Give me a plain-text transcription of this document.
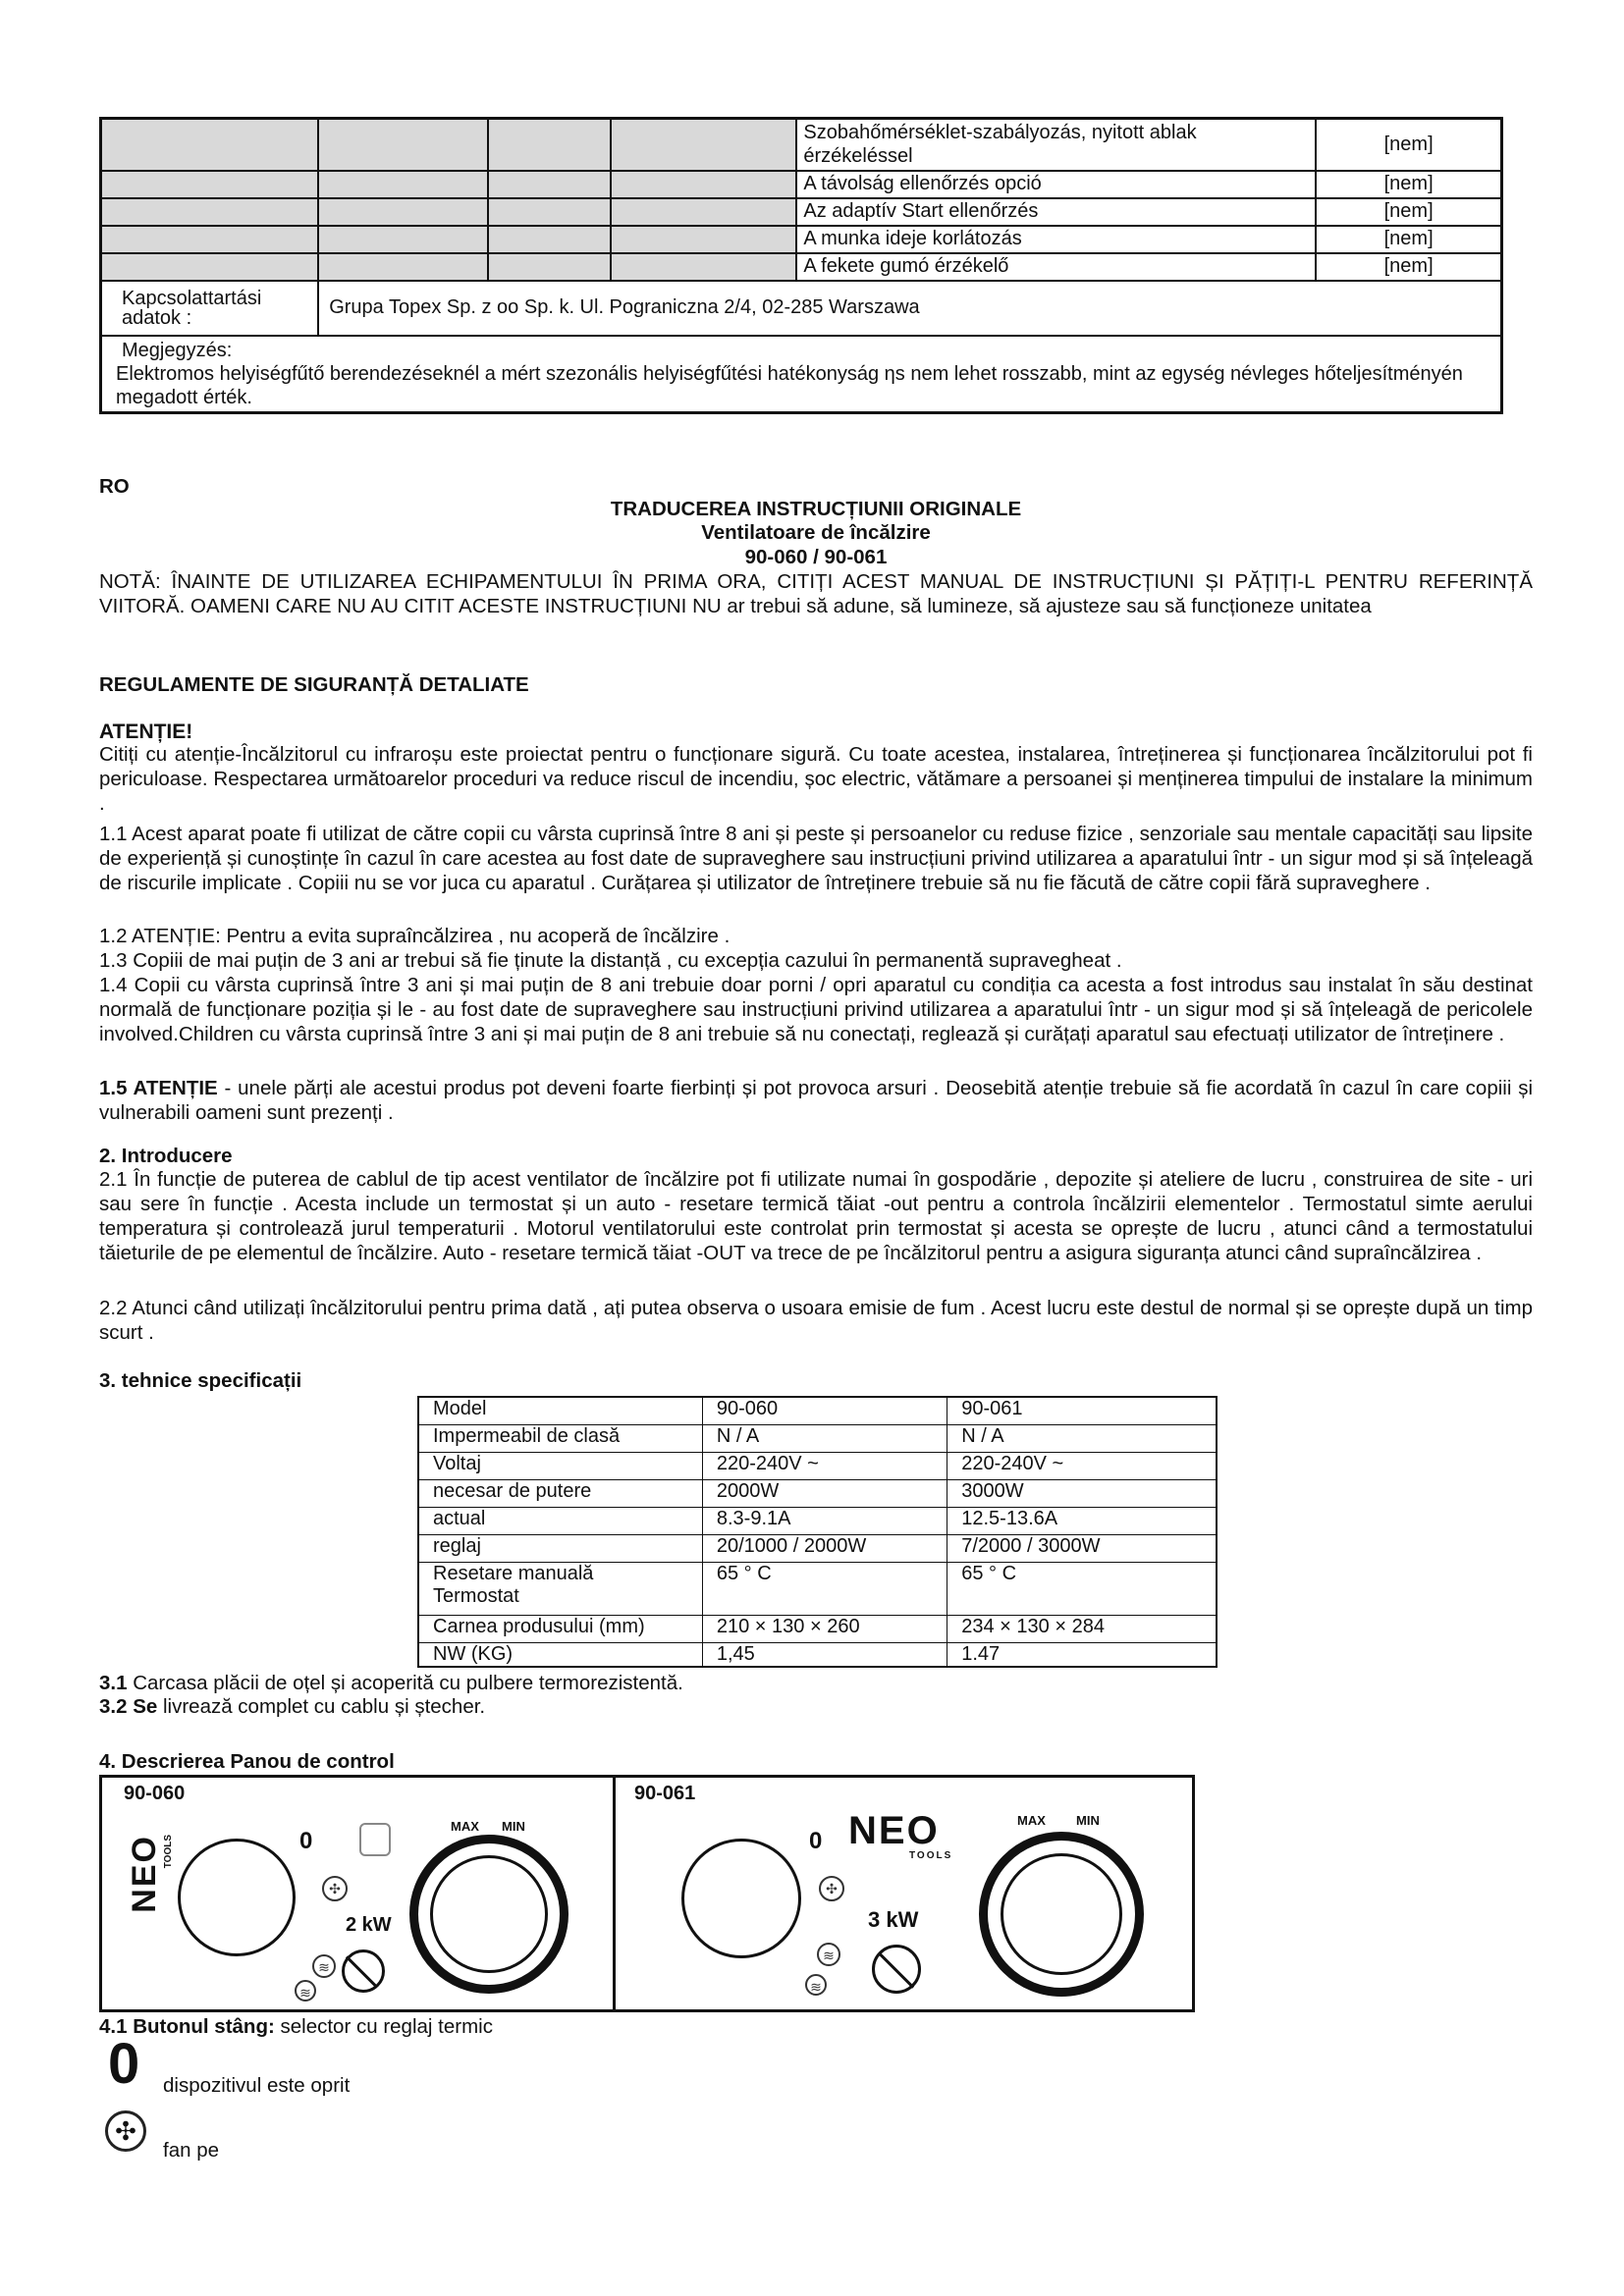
				Szobahőmérséklet-szabályozás, nyitott ablak érzékeléssel	[nem]
				A távolság ellenőrzés opció	[nem]
				Az adaptív Start ellenőrzés	[nem]
				A munka ideje korlátozás	[nem]
				A fekete gumó érzékelő	[nem]
Kapcsolattartási adatok :	Grupa Topex Sp. z oo Sp. k. Ul. Pograniczna 2/4, 02-285 Warszawa				

Megjegyzés:
Elektromos helyiségfűtő berendezéseknél a mért szezonális helyiségfűtési hatékonyság ηs nem lehet rosszabb, mint az egység névleges hőteljesítményén megadott érték.					
RO
TRADUCEREA INSTRUCȚIUNII ORIGINALE
Ventilatoare de încălzire
90-060 / 90-061

NOTĂ: ÎNAINTE DE UTILIZAREA ECHIPAMENTULUI ÎN PRIMA ORA, CITIȚI ACEST MANUAL DE INSTRUCȚIUNI ȘI PĂȚIȚI-L PENTRU REFERINȚĂ VIITORĂ. OAMENI CARE NU AU CITIT ACESTE INSTRUCȚIUNI NU ar trebui să adune, să lumineze, să ajusteze sau să funcționeze unitatea

REGULAMENTE DE SIGURANȚĂ DETALIATE
ATENȚIE!

Citiți cu atenție-Încălzitorul cu infraroșu este proiectat pentru o funcționare sigură. Cu toate acestea, instalarea, întreținerea și funcționarea încălzitorului pot fi periculoase. Respectarea următoarelor proceduri va reduce riscul de incendiu, șoc electric, vătămare a persoanei și menținerea timpului de instalare la minimum .

1.1 Acest aparat poate fi utilizat de către copii cu vârsta cuprinsă între 8 ani și peste și persoanelor cu reduse fizice , senzoriale sau mentale capacități sau lipsite de experiență și cunoștințe în cazul în care acestea au fost date de supraveghere sau instrucțiuni privind utilizarea a aparatului într - un sigur mod și să înțeleagă de riscurile implicate . Copiii nu se vor juca cu aparatul . Curățarea și utilizator de întreținere trebuie să nu fie făcută de către copii fără supraveghere .

1.2 ATENȚIE: Pentru a evita supraîncălzirea , nu acoperă de încălzire .

1.3 Copiii de mai puțin de 3 ani ar trebui să fie ținute la distanță , cu excepția cazului în permanentă supravegheat .

1.4 Copii cu vârsta cuprinsă între 3 ani și mai puțin de 8 ani trebuie doar porni / opri aparatul cu condiția ca acesta a fost introdus sau instalat în său destinat normală de funcționare poziția și le - au fost date de supraveghere sau instrucțiuni privind utilizarea a aparatului într - un sigur mod și să înțeleagă de pericolele involved.Children cu vârsta cuprinsă între 3 ani și mai puțin de 8 ani trebuie să nu conectați, reglează și curățați aparatul sau efectuați utilizator de întreținere .

1.5 ATENȚIE - unele părți ale acestui produs pot deveni foarte fierbinți și pot provoca arsuri . Deosebită atenție trebuie să fie acordată în cazul în care copiii și vulnerabili oameni sunt prezenți .

2. Introducere

2.1 În funcție de puterea de cablul de tip acest ventilator de încălzire pot fi utilizate numai în gospodărie , depozite și ateliere de lucru , construirea de site - uri sau sere în funcție . Acesta include un termostat și un auto - resetare termică tăiat -out pentru a controla încălzirii elementelor . Termostatul simte aerului temperatura și controlează jurul temperaturii . Motorul ventilatorului este controlat prin termostat și acesta se oprește de lucru , atunci când a termostatului tăieturile de pe elementul de încălzire. Auto - resetare termică tăiat -OUT va trece de pe încălzitorul pentru a asigura siguranța atunci când supraîncălzirea .

2.2 Atunci când utilizați încălzitorului pentru prima dată , ați putea observa o usoara emisie de fum . Acest lucru este destul de normal și se oprește după un timp scurt .

3. tehnice specificații
Model	90-060	90-061
Impermeabil de clasă	N / A	N / A
Voltaj	220-240V ~	220-240V ~
necesar de putere	2000W	3000W
actual	8.3-9.1A	12.5-13.6A
reglaj	20/1000 / 2000W	7/2000 / 3000W
Resetare manuală Termostat	65 ° C	65 ° C
Carnea produsului (mm)	210 × 130 × 260	234 × 130 × 284
NW (KG)	1,45	1.47

3.1 Carcasa plăcii de oțel și acoperită cu pulbere termorezistentă.

3.2 Se livrează complet cu cablu și ștecher.

4. Descrierea Panou de control
90-060
NEO TOOLS	0
✣
2 kW
≋
≋
MAX MIN
90-061
0 NEO
TOOLS
✣
3 kW
≋
≋
MAX MIN

4.1 Butonul stâng: selector cu reglaj termic

0 dispozitivul este oprit
✣
fan pe
